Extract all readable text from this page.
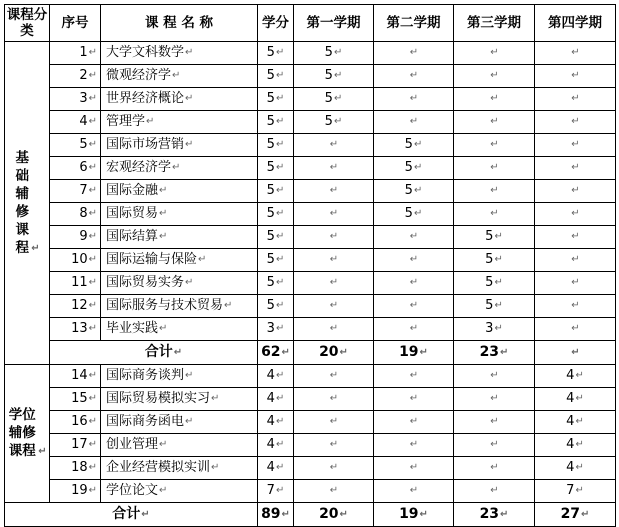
课程分类	序号	课 程 名 称	学分	第一学期	第二学期	第三学期	第四学期
基础辅修课程 ↵	1↵	大学文科数学↵	5↵	5↵	↵	↵	↵
	2↵	微观经济学↵	5↵	5↵	↵	↵	↵
	3↵	世界经济概论↵	5↵	5↵	↵	↵	↵
	4↵	管理学↵	5↵	5↵	↵	↵	↵
	5↵	国际市场营销↵	5↵	↵	5↵	↵	↵
	6↵	宏观经济学↵	5↵	↵	5↵	↵	↵
	7↵	国际金融↵	5↵	↵	5↵	↵	↵
	8↵	国际贸易↵	5↵	↵	5↵	↵	↵
	9↵	国际结算↵	5↵	↵	↵	5↵	↵
	10↵	国际运输与保险↵	5↵	↵	↵	5↵	↵
	11↵	国际贸易实务↵	5↵	↵	↵	5↵	↵
	12↵	国际服务与技术贸易↵	5↵	↵	↵	5↵	↵
	13↵	毕业实践↵	3↵	↵	↵	3↵	↵
	合计↵		62↵	20↵	19↵	23↵	↵
学位辅修课程 ↵	14↵	国际商务谈判↵	4↵	↵	↵	↵	4↵
	15↵	国际贸易模拟实习↵	4↵	↵	↵	↵	4↵
	16↵	国际商务函电↵	4↵	↵	↵	↵	4↵
	17↵	创业管理↵	4↵	↵	↵	↵	4↵
	18↵	企业经营模拟实训↵	4↵	↵	↵	↵	4↵
	19↵	学位论文↵	7↵	↵	↵	↵	7↵
合计↵			89↵	20↵	19↵	23↵	27↵
